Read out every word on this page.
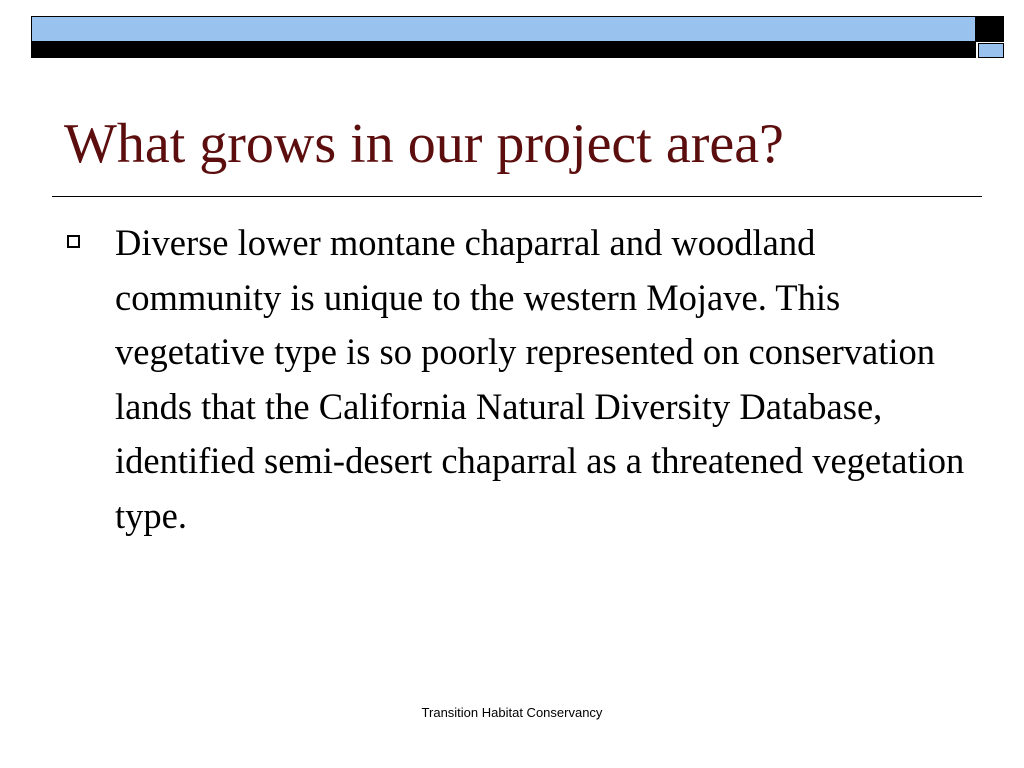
What grows in our project area?
Diverse lower montane chaparral and woodland community is unique to the western Mojave. This vegetative type is so poorly represented on conservation lands that the California Natural Diversity Database, identified semi-desert chaparral as a threatened vegetation type.
Transition Habitat Conservancy
